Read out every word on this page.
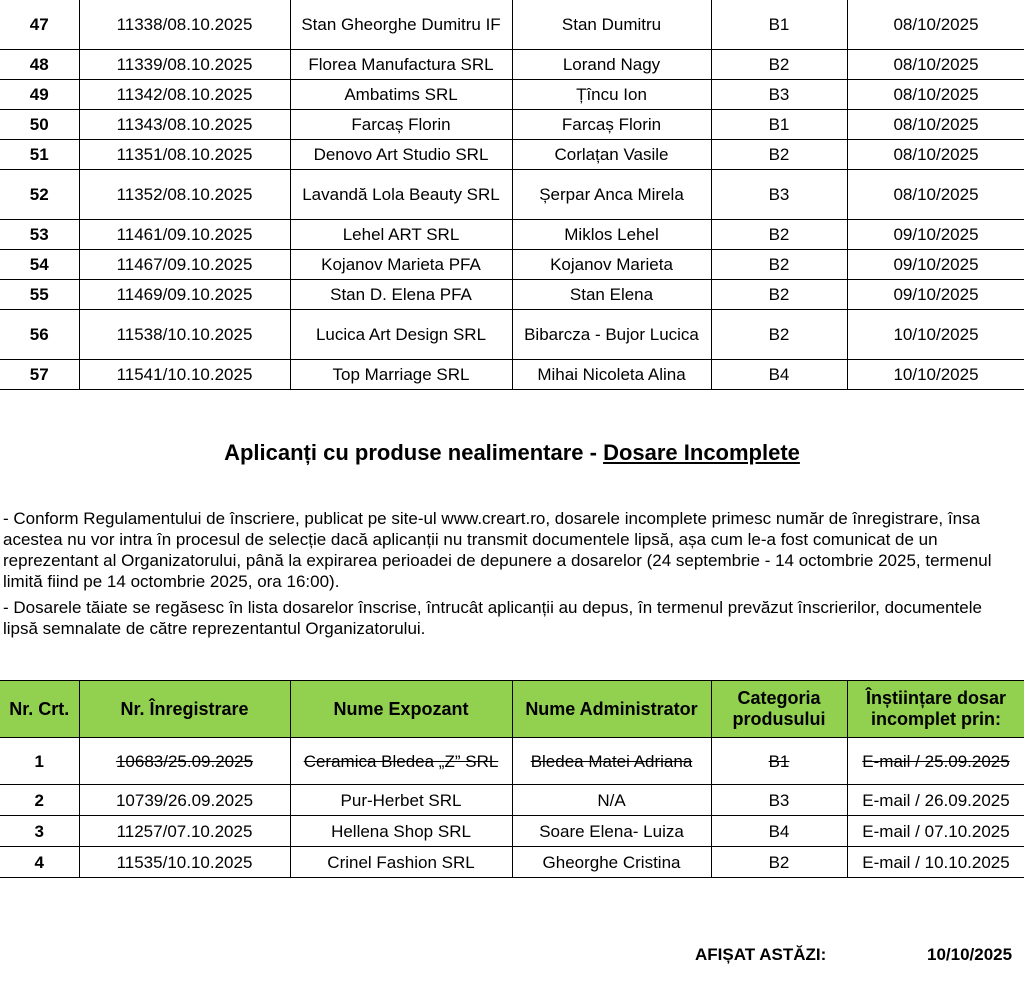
47	11338/08.10.2025	Stan Gheorghe Dumitru IF	Stan Dumitru	B1	08/10/2025
48	11339/08.10.2025	Florea Manufactura SRL	Lorand Nagy	B2	08/10/2025
49	11342/08.10.2025	Ambatims SRL	Țîncu Ion	B3	08/10/2025
50	11343/08.10.2025	Farcaș Florin	Farcaș Florin	B1	08/10/2025
51	11351/08.10.2025	Denovo Art Studio SRL	Corlațan Vasile	B2	08/10/2025
52	11352/08.10.2025	Lavandă Lola Beauty SRL	Șerpar Anca Mirela	B3	08/10/2025
53	11461/09.10.2025	Lehel ART SRL	Miklos Lehel	B2	09/10/2025
54	11467/09.10.2025	Kojanov Marieta PFA	Kojanov Marieta	B2	09/10/2025
55	11469/09.10.2025	Stan D. Elena PFA	Stan Elena	B2	09/10/2025
56	11538/10.10.2025	Lucica Art Design SRL	Bibarcza - Bujor Lucica	B2	10/10/2025
57	11541/10.10.2025	Top Marriage SRL	Mihai Nicoleta Alina	B4	10/10/2025
Aplicanți cu produse nealimentare - Dosare Incomplete

- Conform Regulamentului de înscriere, publicat pe site-ul www.creart.ro, dosarele incomplete primesc număr de înregistrare, însa acestea nu vor intra în procesul de selecție dacă aplicanții nu transmit documentele lipsă, așa cum le-a fost comunicat de un reprezentant al Organizatorului, până la expirarea perioadei de depunere a dosarelor (24 septembrie - 14 octombrie 2025, termenul limită fiind pe 14 octombrie 2025, ora 16:00).

- Dosarele tăiate se regăsesc în lista dosarelor înscrise, întrucât aplicanții au depus, în termenul prevăzut înscrierilor, documentele lipsă semnalate de către reprezentantul Organizatorului.

Nr. Crt.	Nr. Înregistrare	Nume Expozant	Nume Administrator	Categoria produsului	Înștiințare dosar incomplet prin:
1	10683/25.09.2025	Ceramica Bledea „Z” SRL	Bledea Matei Adriana	B1	E-mail / 25.09.2025
2	10739/26.09.2025	Pur-Herbet SRL	N/A	B3	E-mail / 26.09.2025
3	11257/07.10.2025	Hellena Shop SRL	Soare Elena- Luiza	B4	E-mail / 07.10.2025
4	11535/10.10.2025	Crinel Fashion SRL	Gheorghe Cristina	B2	E-mail / 10.10.2025
AFIȘAT ASTĂZI:	10/10/2025
